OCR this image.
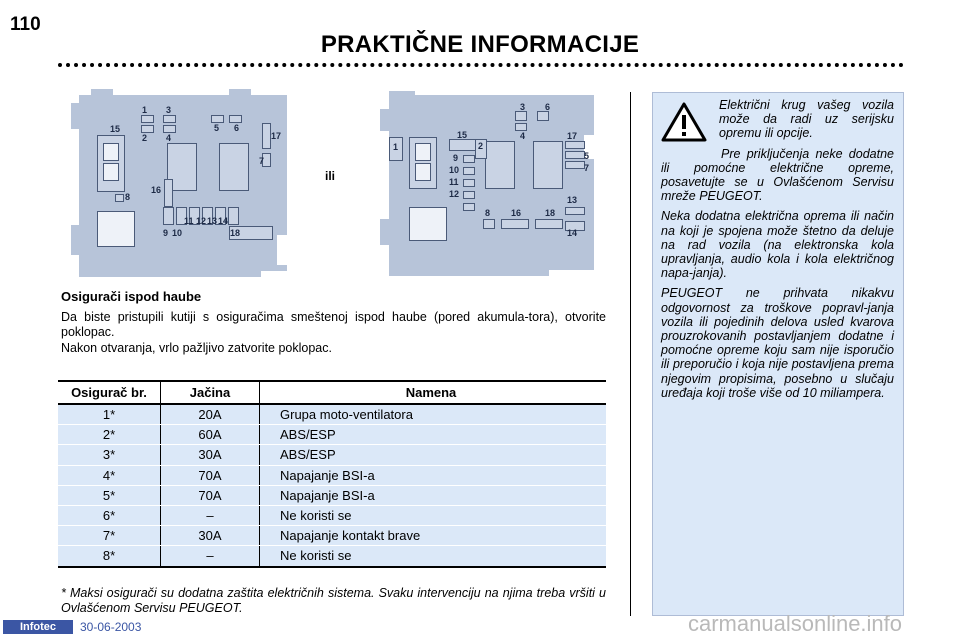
110
PRAKTIČNE INFORMACIJE
1
2
3
4
5 6
7
8
9 10
11 12 13 14
15
16
17
18
ili
1	2
3
4
5
6
7
8
9
10
11
12
13
14
15
16
17
18
Osigurači ispod haube
Da biste pristupili kutiji s osiguračima smeštenoj ispod haube (pored akumula-tora), otvorite poklopac.
Nakon otvaranja, vrlo pažljivo zatvorite poklopac.
Osigurač br.	Jačina	Namena
1*	20A	Grupa moto-ventilatora
2*	60A	ABS/ESP
3*	30A	ABS/ESP
4*	70A	Napajanje BSI-a
5*	70A	Napajanje BSI-a
6*	–	Ne koristi se
7*	30A	Napajanje kontakt brave
8*	–	Ne koristi se
* Maksi osigurači su dodatna zaštita električnih sistema. Svaku intervenciju na njima treba vršiti u Ovlašćenom Servisu PEUGEOT.

Električni krug vašeg vozila može da radi uz serijsku opremu ili opcije.

Pre priključenja neke dodatne ili pomoćne električne opreme, posavetujte se u Ovlašćenom Servisu mreže PEUGEOT.

Neka dodatna električna oprema ili način na koji je spojena može štetno da deluje na rad vozila (na elektronska kola upravljanja, audio kola i kola električnog napa-janja).

PEUGEOT ne prihvata nikakvu odgovornost za troškove popravl-janja vozila ili pojedinih delova usled kvarova prouzrokovanih postavljanjem dodatne i pomoćne opreme koju sam nije isporučio ili preporučio i koja nije postavljena prema njegovim propisima, posebno u slučaju uređaja koji troše više od 10 miliampera.

Infotec	30-06-2003	carmanualsonline.info
